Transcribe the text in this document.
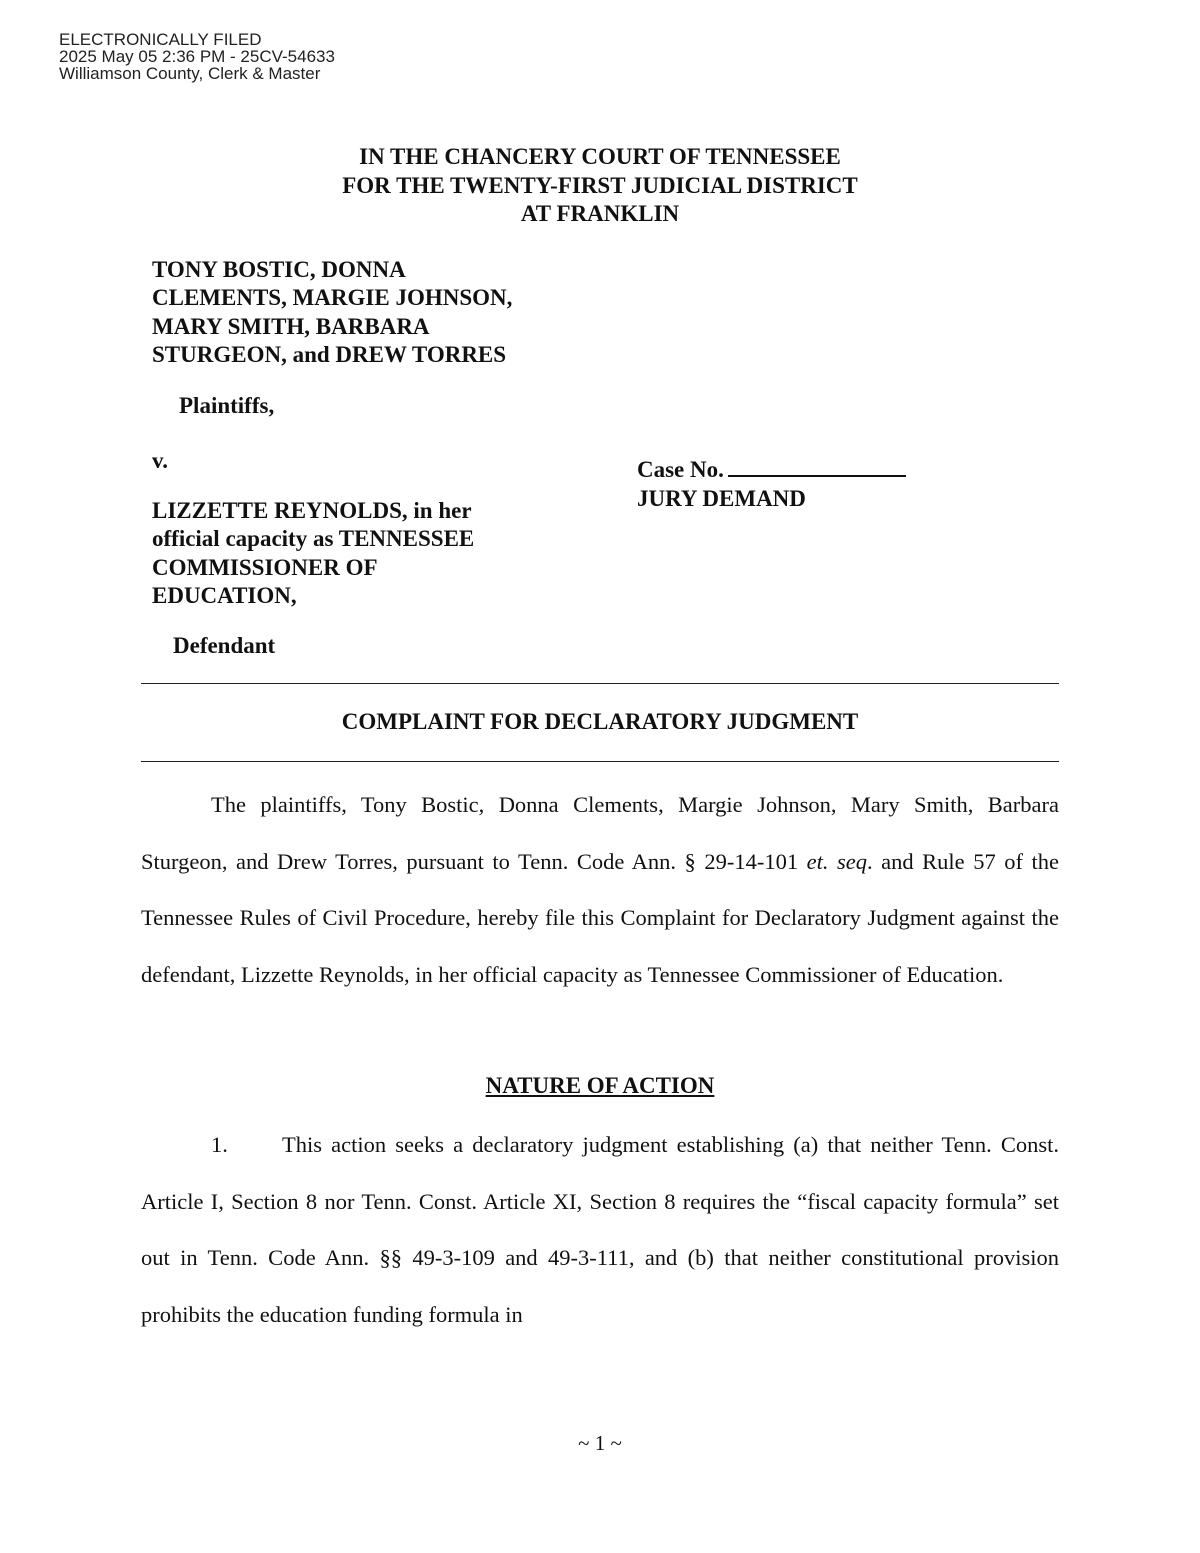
ELECTRONICALLY FILED
2025 May 05 2:36 PM - 25CV-54633
Williamson County, Clerk & Master
IN THE CHANCERY COURT OF TENNESSEE
FOR THE TWENTY-FIRST JUDICIAL DISTRICT
AT FRANKLIN
TONY BOSTIC, DONNA
CLEMENTS, MARGIE JOHNSON,
MARY SMITH, BARBARA
STURGEON, and DREW TORRES
Plaintiffs,
v.
LIZZETTE REYNOLDS, in her
official capacity as TENNESSEE
COMMISSIONER OF
EDUCATION,
Defendant
Case No.
JURY DEMAND
COMPLAINT FOR DECLARATORY JUDGMENT
The plaintiffs, Tony Bostic, Donna Clements, Margie Johnson, Mary Smith, Barbara Sturgeon, and Drew Torres, pursuant to Tenn. Code Ann. § 29-14-101 et. seq. and Rule 57 of the Tennessee Rules of Civil Procedure, hereby file this Complaint for Declaratory Judgment against the defendant, Lizzette Reynolds, in her official capacity as Tennessee Commissioner of Education.
NATURE OF ACTION
1. This action seeks a declaratory judgment establishing (a) that neither Tenn. Const. Article I, Section 8 nor Tenn. Const. Article XI, Section 8 requires the “fiscal capacity formula” set out in Tenn. Code Ann. §§ 49-3-109 and 49-3-111, and (b) that neither constitutional provision prohibits the education funding formula in
~ 1 ~
